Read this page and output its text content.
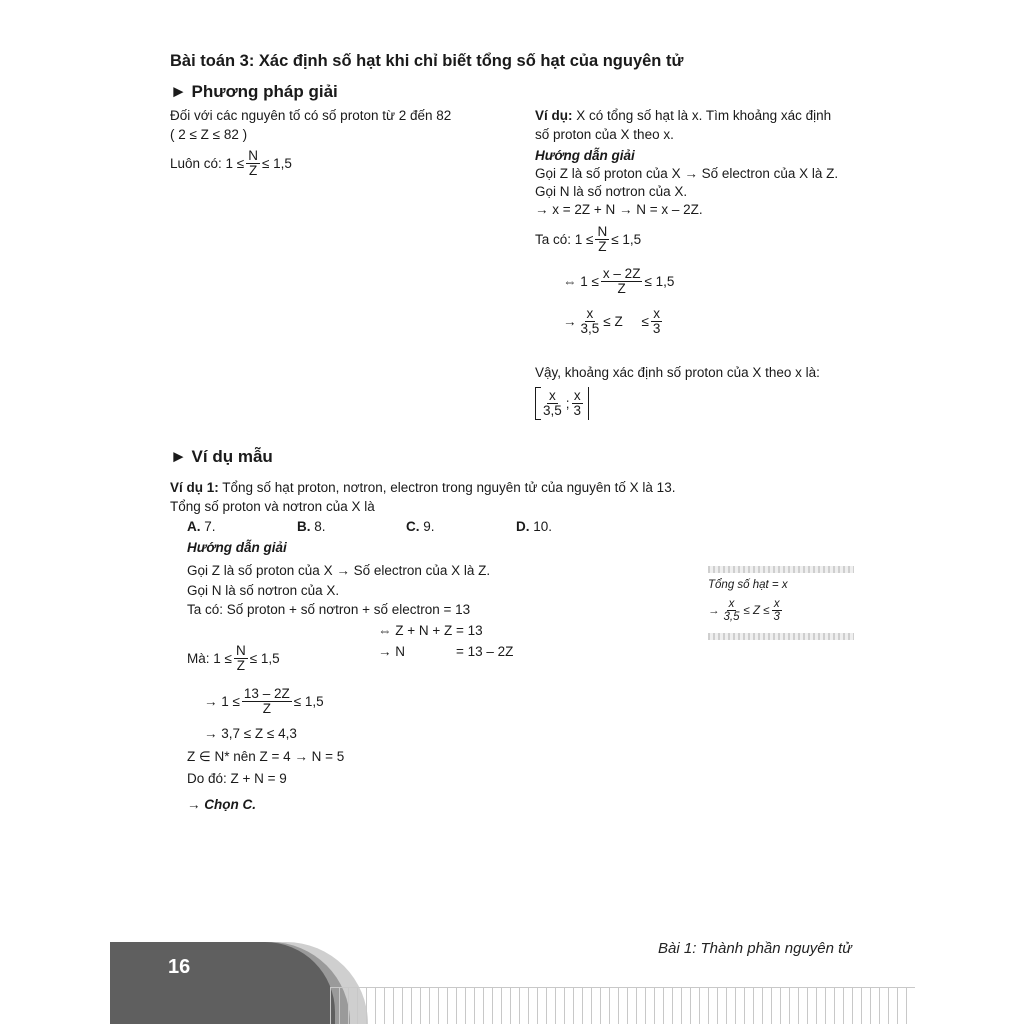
Bài toán 3: Xác định số hạt khi chỉ biết tổng số hạt của nguyên tử
► Phương pháp giải
Đối với các nguyên tố có số proton từ 2 đến 82
( 2 ≤ Z ≤ 82 )
Luôn có: $1 \le \frac{N}{Z} \le 1,5$
Ví dụ: X có tổng số hạt là x. Tìm khoảng xác định
số proton của X theo x.
Hướng dẫn giải
Gọi Z là số proton của X → Số electron của X là Z.
Gọi N là số nơtron của X.
→ x = 2Z + N → N = x – 2Z.
Ta có: $1 \le \frac{N}{Z} \le 1,5$
⇔ $1 \le \frac{x - 2Z}{Z} \le 1,5$
→ $\frac{x}{3,5} \le Z$     ≤ $\frac{x}{3}$
Vậy, khoảng xác định số proton của X theo x là:
$\frac{x}{3,5}$ ; $\frac{x}{3}$
► Ví dụ mẫu
Ví dụ 1: Tổng số hạt proton, nơtron, electron trong nguyên tử của nguyên tố X là 13.
Tổng số proton và nơtron của X là
A. 7.	B. 8.	C. 9.	D. 10.
Hướng dẫn giải
Gọi Z là số proton của X → Số electron của X là Z.
Gọi N là số nơtron của X.
Ta có: Số proton + số nơtron + số electron = 13
⇔ Z + N + Z = 13
→ N	= 13 – 2Z
Mà: $1 \le \frac{N}{Z} \le 1,5$
→ $1 \le \frac{13 - 2Z}{Z} \le 1,5$
→ 3,7 ≤ Z ≤ 4,3
Z ∈ N* nên Z = 4 → N = 5
Do đó: Z + N = 9
→ Chọn C.
Tổng số hạt = x
→ $\frac{x}{3,5} \le Z \le \frac{x}{3}$
16
Bài 1: Thành phần nguyên tử
